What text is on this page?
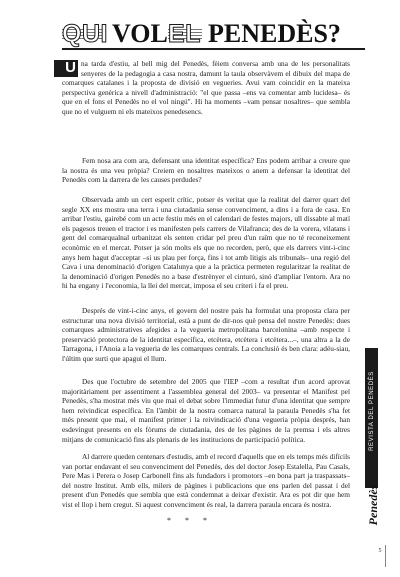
QUI VOL EL PENEDÈS?

U na tarda d'estiu, al bell mig del Penedès, fèiem conversa amb una de les personalitats senyeres de la pedagogia a casa nostra, damunt la taula observàvem el dibuix del mapa de comarques catalanes i la proposta de divisió en vegueries. Avui vam coincidir en la mateixa perspectiva genèrica a nivell d'administració: "el que passa –ens va comentar amb lucidesa– és que en el fons el Penedès no el vol ningú". Hi ha moments –vam pensar nosaltres– que sembla que no el vulguem ni els mateixos penedesencs.

Fem nosa ara com ara, defensant una identitat específica? Ens podem arribar a creure que la nostra és una veu pròpia? Creiem en nosaltres mateixos o anem a defensar la identitat del Penedès com la darrera de les causes perdudes?

Observada amb un cert esperit crític, potser és veritat que la realitat del darrer quart del segle XX ens mostra una terra i una ciutadania sense convenciment, a dins i a fora de casa. En arribar l'estiu, gairebé com un acte festiu més en el calendari de festes majors, ull dissabte al matí els pagesos treuen el tractor i es manifesten pels carrers de Vilafranca; des de la vorera, vilatans i gent del comarqualnal urbanitzat els senten cridar pel preu d'un raïm que no té reconeixement econòmic en el mercat. Potser ja són molts els que no recorden, però, que els darrers vint-i-cinc anys hem hagut d'acceptar –si us plau per força, fins i tot amb litigis als tribunals– una regió del Cava i una denominació d'origen Catalunya que a la pràctica permeten regularitzar la realitat de la denominació d'origen Penedès no a base d'estrènyer el cinturó, sinó d'ampliar l'entorn. Ara no hi ha engany i l'economia, la llei del mercat, imposa el seu criteri i fa el preu.

Després de vint-i-cinc anys, el govern del nostre país ha formulat una proposta clara per estructurar una nova divisió territorial, està a punt de dir-nos què pensa del nostre Penedès: dues comarques administratives afegides a la vegueria metropolitana barcelonina –amb respecte i preservació protectora de la identitat específica, etcètera, etcètera i etcètera...–, una altra a la de Tarragona, i l'Anoia a la vegueria de les comarques centrals. La conclusió és ben clara: adéu-siau, l'últim que surti que apagui el llum.

Des que l'octubre de setembre del 2005 que l'IEP –com a resultat d'un acord aprovat majoritàriament per assentiment a l'assemblea general del 2003– va presentar el Manifest pel Penedès, s'ha mostrat més viu que mai el debat sobre l'immediat futur d'una identitat que sempre hem reivindicat específica. En l'àmbit de la nostra comarca natural la paraula Penedès s'ha fet més present que mai, el manifest primer i la reivindicació d'una vegueria pròpia després, han esdevingut presents en els fòrums de ciutadania, des de les pàgines de la premsa i els altres mitjans de comunicació fins als plenaris de les institucions de participació política.

Al darrere queden centenars d'estudis, amb el record d'aquells que en els temps més difícils van portar endavant el seu convenciment del Penedès, des del doctor Josep Estalella, Pau Casals, Pere Mas i Perera o Josep Carbonell fins als fundadors i promotors –en bona part ja traspassats– del nostre Institut. Amb ells, milers de pàgines i publicacions que ens parlen del passat i del present d'un Penedès que sembla que està condemnat a deixar d'existir. Ara es pot dir que hem vist el llop i hem cregut. Si aquest convenciment és real, la darrera paraula encara és nostra.

* * *
REVISTA DEL PENEDÈS
Penedès
5
